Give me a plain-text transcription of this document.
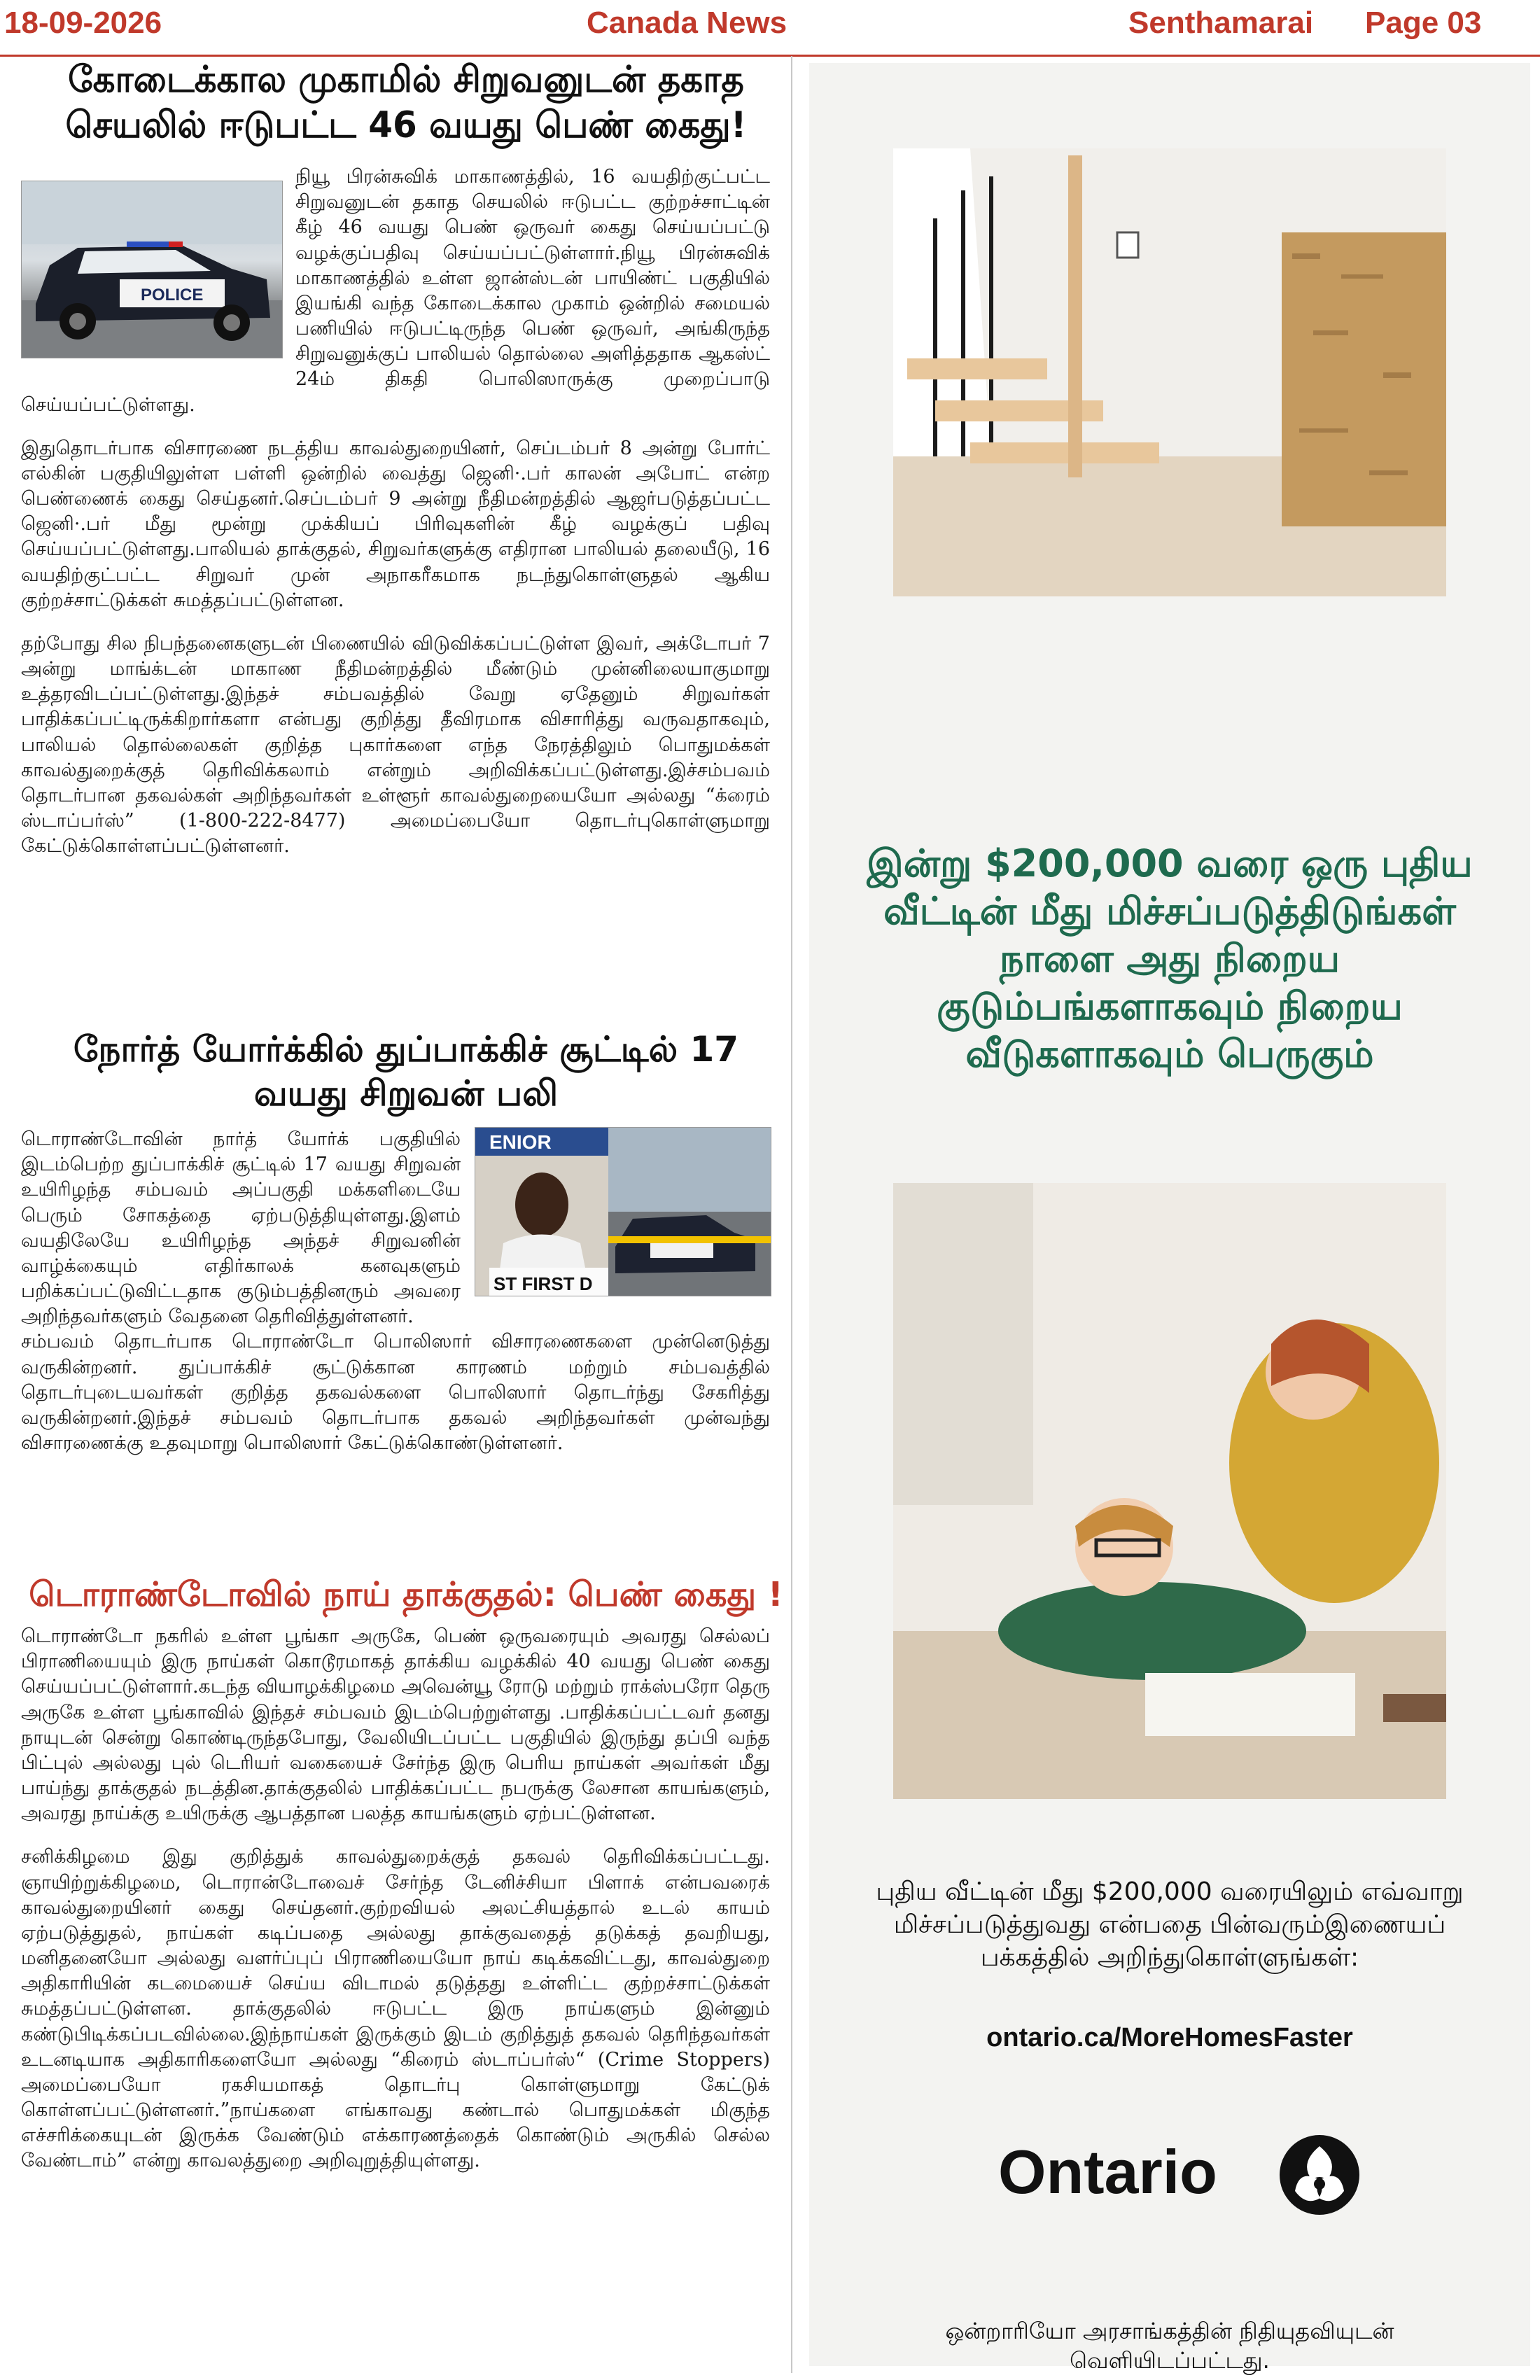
18-09-2026	Canada News	Senthamarai Page 03
கோடைக்கால முகாமில் சிறுவனுடன் தகாத செயலில் ஈடுபட்ட 46 வயது பெண் கைது!
POLICE

நியூ பிரன்சுவிக் மாகாணத்தில், 16 வயதிற்குட்பட்ட சிறுவனுடன் தகாத செயலில் ஈடுபட்ட குற்றச்சாட்டின் கீழ் 46 வயது பெண் ஒருவர் கைது செய்யப்பட்டு வழக்குப்பதிவு செய்யப்பட்டுள்ளார்.நியூ பிரன்சுவிக் மாகாணத்தில் உள்ள ஜான்ஸ்டன் பாயிண்ட் பகுதியில் இயங்கி வந்த கோடைக்கால முகாம் ஒன்றில் சமையல் பணியில் ஈடுபட்டிருந்த பெண் ஒருவர், அங்கிருந்த சிறுவனுக்குப் பாலியல் தொல்லை அளித்ததாக ஆகஸ்ட் 24ம் திகதி பொலிஸாருக்கு முறைப்பாடு செய்யப்பட்டுள்ளது.

இதுதொடர்பாக விசாரணை நடத்திய காவல்துறையினர், செப்டம்பர் 8 அன்று போர்ட் எல்கின் பகுதியிலுள்ள பள்ளி ஒன்றில் வைத்து ஜெனி·.பர் காலன் அபோட் என்ற பெண்ணைக் கைது செய்தனர்.செப்டம்பர் 9 அன்று நீதிமன்றத்தில் ஆஜர்படுத்தப்பட்ட ஜெனி·.பர் மீது மூன்று முக்கியப் பிரிவுகளின் கீழ் வழக்குப் பதிவு செய்யப்பட்டுள்ளது.பாலியல் தாக்குதல், சிறுவர்களுக்கு எதிரான பாலியல் தலையீடு, 16 வயதிற்குட்பட்ட சிறுவர் முன் அநாகரீகமாக நடந்துகொள்ளுதல் ஆகிய குற்றச்சாட்டுக்கள் சுமத்தப்பட்டுள்ளன.

தற்போது சில நிபந்தனைகளுடன் பிணையில் விடுவிக்கப்பட்டுள்ள இவர், அக்டோபர் 7 அன்று மாங்க்டன் மாகாண நீதிமன்றத்தில் மீண்டும் முன்னிலையாகுமாறு உத்தரவிடப்பட்டுள்ளது.இந்தச் சம்பவத்தில் வேறு ஏதேனும் சிறுவர்கள் பாதிக்கப்பட்டிருக்கிறார்களா என்பது குறித்து தீவிரமாக விசாரித்து வருவதாகவும், பாலியல் தொல்லைகள் குறித்த புகார்களை எந்த நேரத்திலும் பொதுமக்கள் காவல்துறைக்குத் தெரிவிக்கலாம் என்றும் அறிவிக்கப்பட்டுள்ளது.இச்சம்பவம் தொடர்பான தகவல்கள் அறிந்தவர்கள் உள்ளூர் காவல்துறையையோ அல்லது “க்ரைம் ஸ்டாப்பர்ஸ்” (1-800-222-8477) அமைப்பையோ தொடர்புகொள்ளுமாறு கேட்டுக்கொள்ளப்பட்டுள்ளனர்.

நோர்த் யோர்க்கில் துப்பாக்கிச் சூட்டில் 17 வயது சிறுவன் பலி
ENIOR
ST FIRST D

டொராண்டோவின் நார்த் யோர்க் பகுதியில் இடம்பெற்ற துப்பாக்கிச் சூட்டில் 17 வயது சிறுவன் உயிரிழந்த சம்பவம் அப்பகுதி மக்களிடையே பெரும் சோகத்தை ஏற்படுத்தியுள்ளது.இளம் வயதிலேயே உயிரிழந்த அந்தச் சிறுவனின் வாழ்க்கையும் எதிர்காலக் கனவுகளும் பறிக்கப்பட்டுவிட்டதாக குடும்பத்தினரும் அவரை அறிந்தவர்களும் வேதனை தெரிவித்துள்ளனர்.

சம்பவம் தொடர்பாக டொராண்டோ பொலிஸார் விசாரணைகளை முன்னெடுத்து வருகின்றனர். துப்பாக்கிச் சூட்டுக்கான காரணம் மற்றும் சம்பவத்தில் தொடர்புடையவர்கள் குறித்த தகவல்களை பொலிஸார் தொடர்ந்து சேகரித்து வருகின்றனர்.இந்தச் சம்பவம் தொடர்பாக தகவல் அறிந்தவர்கள் முன்வந்து விசாரணைக்கு உதவுமாறு பொலிஸார் கேட்டுக்கொண்டுள்ளனர்.

டொராண்டோவில் நாய் தாக்குதல்: பெண் கைது !

டொராண்டோ நகரில் உள்ள பூங்கா அருகே, பெண் ஒருவரையும் அவரது செல்லப் பிராணியையும் இரு நாய்கள் கொடூரமாகத் தாக்கிய வழக்கில் 40 வயது பெண் கைது செய்யப்பட்டுள்ளார்.கடந்த வியாழக்கிழமை அவென்யூ ரோடு மற்றும் ராக்ஸ்பரோ தெரு அருகே உள்ள பூங்காவில் இந்தச் சம்பவம் இடம்பெற்றுள்ளது .பாதிக்கப்பட்டவர் தனது நாயுடன் சென்று கொண்டிருந்தபோது, வேலியிடப்பட்ட பகுதியில் இருந்து தப்பி வந்த பிட்புல் அல்லது புல் டெரியர் வகையைச் சேர்ந்த இரு பெரிய நாய்கள் அவர்கள் மீது பாய்ந்து தாக்குதல் நடத்தின.தாக்குதலில் பாதிக்கப்பட்ட நபருக்கு லேசான காயங்களும், அவரது நாய்க்கு உயிருக்கு ஆபத்தான பலத்த காயங்களும் ஏற்பட்டுள்ளன.

சனிக்கிழமை இது குறித்துக் காவல்துறைக்குத் தகவல் தெரிவிக்கப்பட்டது. ஞாயிற்றுக்கிழமை, டொரான்டோவைச் சேர்ந்த டேனிச்சியா பிளாக் என்பவரைக் காவல்துறையினர் கைது செய்தனர்.குற்றவியல் அலட்சியத்தால் உடல் காயம் ஏற்படுத்துதல், நாய்கள் கடிப்பதை அல்லது தாக்குவதைத் தடுக்கத் தவறியது, மனிதனையோ அல்லது வளர்ப்புப் பிராணியையோ நாய் கடிக்கவிட்டது, காவல்துறை அதிகாரியின் கடமையைச் செய்ய விடாமல் தடுத்தது உள்ளிட்ட குற்றச்சாட்டுக்கள் சுமத்தப்பட்டுள்ளன. தாக்குதலில் ஈடுபட்ட இரு நாய்களும் இன்னும் கண்டுபிடிக்கப்படவில்லை.இந்நாய்கள் இருக்கும் இடம் குறித்துத் தகவல் தெரிந்தவர்கள் உடனடியாக அதிகாரிகளையோ அல்லது “கிரைம் ஸ்டாப்பர்ஸ்“ (Crime Stoppers) அமைப்பையோ ரகசியமாகத் தொடர்பு கொள்ளுமாறு கேட்டுக் கொள்ளப்பட்டுள்ளனர்.”நாய்களை எங்காவது கண்டால் பொதுமக்கள் மிகுந்த எச்சரிக்கையுடன் இருக்க வேண்டும் எக்காரணத்தைக் கொண்டும் அருகில் செல்ல வேண்டாம்” என்று காவலத்துறை அறிவுறுத்தியுள்ளது.

இன்று $200,000 வரை ஒரு புதிய வீட்டின் மீது மிச்சப்படுத்திடுங்கள் நாளை அது நிறைய குடும்பங்களாகவும் நிறைய வீடுகளாகவும் பெருகும்
புதிய வீட்டின் மீது $200,000 வரையிலும் எவ்வாறு மிச்சப்படுத்துவது என்பதை பின்வரும்இணையப் பக்கத்தில் அறிந்துகொள்ளுங்கள்:
ontario.ca/MoreHomesFaster
Ontario
ஒன்றாரியோ அரசாங்கத்தின் நிதியுதவியுடன் வெளியிடப்பட்டது.
